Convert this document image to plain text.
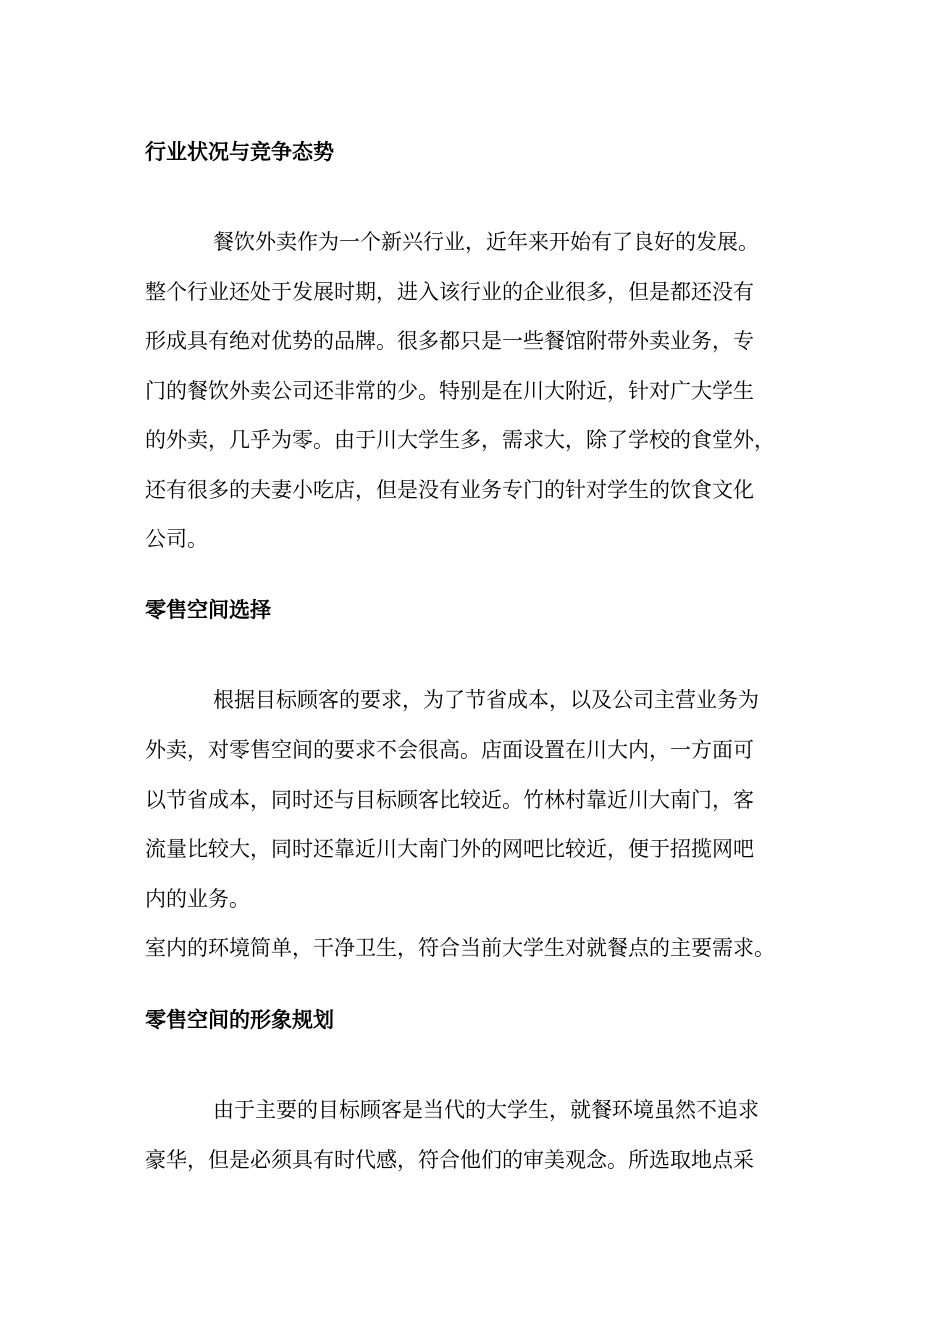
行业状况与竞争态势

餐饮外卖作为一个新兴行业，近年来开始有了良好的发展。

整个行业还处于发展时期，进入该行业的企业很多，但是都还没有

形成具有绝对优势的品牌。很多都只是一些餐馆附带外卖业务，专

门的餐饮外卖公司还非常的少。特别是在川大附近，针对广大学生

的外卖，几乎为零。由于川大学生多，需求大，除了学校的食堂外，

还有很多的夫妻小吃店，但是没有业务专门的针对学生的饮食文化

公司。

零售空间选择

根据目标顾客的要求，为了节省成本，以及公司主营业务为

外卖，对零售空间的要求不会很高。店面设置在川大内，一方面可

以节省成本，同时还与目标顾客比较近。竹林村靠近川大南门，客

流量比较大，同时还靠近川大南门外的网吧比较近，便于招揽网吧

内的业务。

室内的环境简单，干净卫生，符合当前大学生对就餐点的主要需求。

零售空间的形象规划

由于主要的目标顾客是当代的大学生，就餐环境虽然不追求

豪华，但是必须具有时代感，符合他们的审美观念。所选取地点采
